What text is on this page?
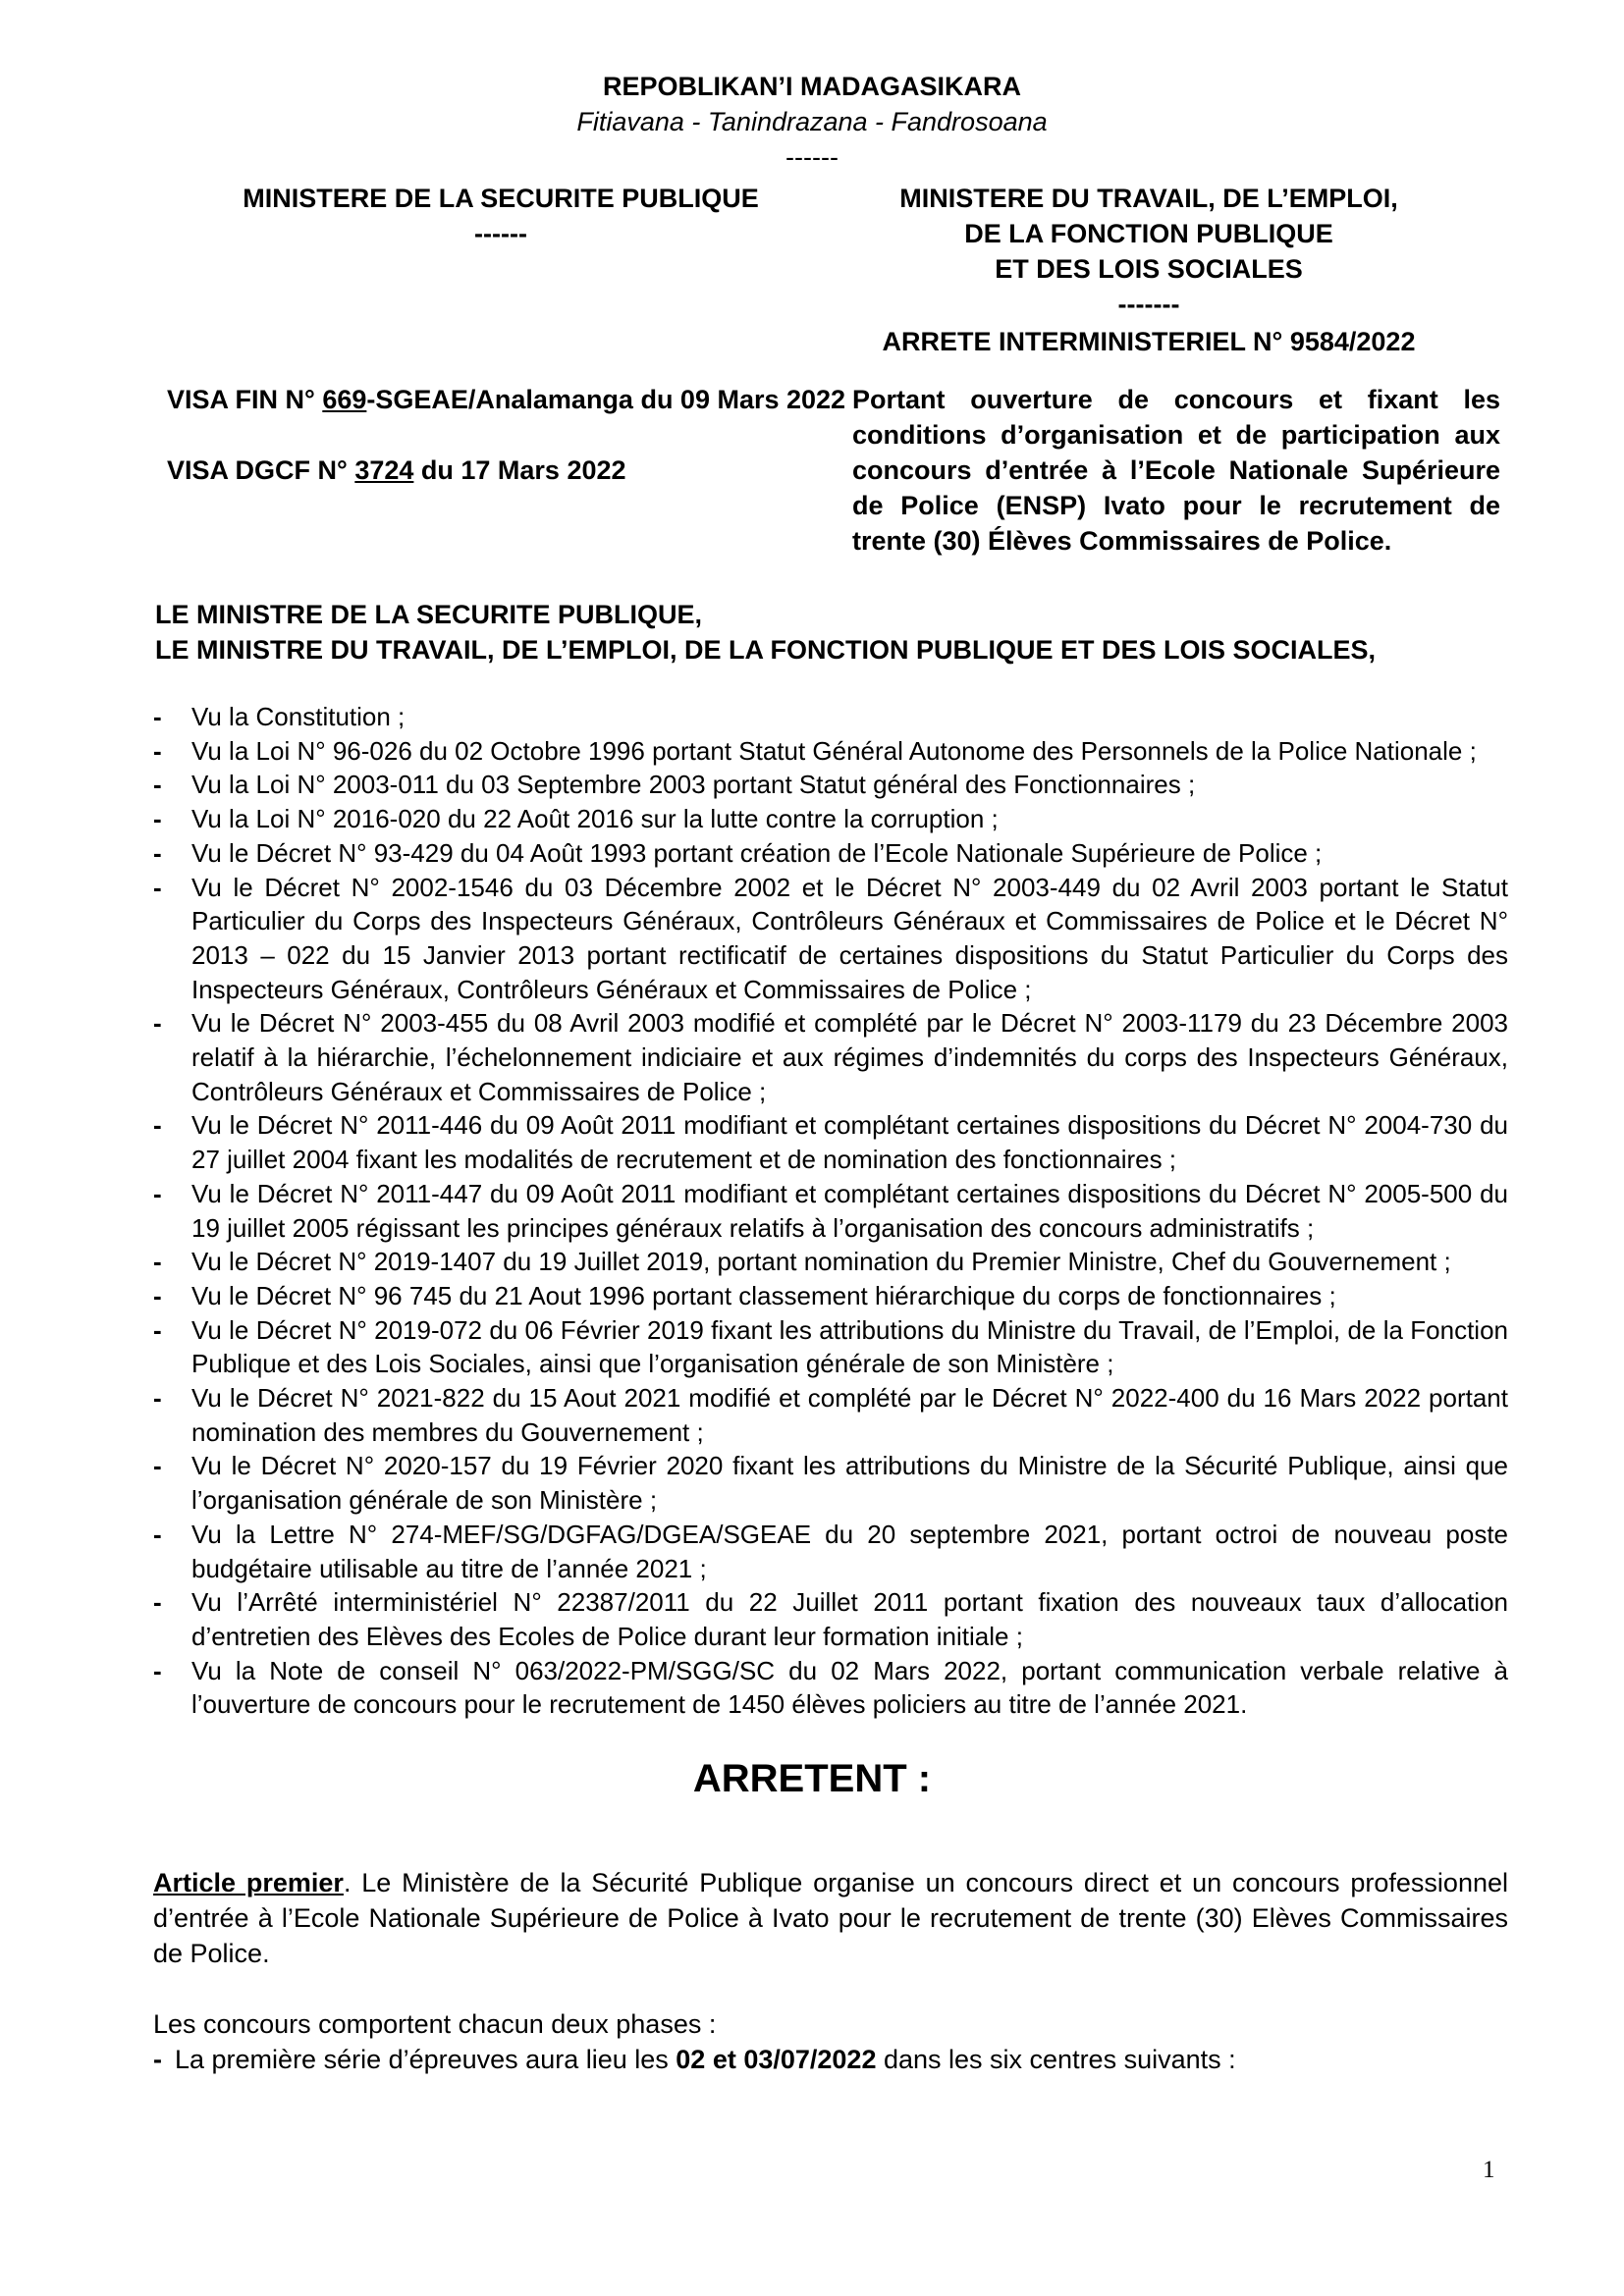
REPOBLIKAN’I MADAGASIKARA
Fitiavana - Tanindrazana - Fandrosoana
------
MINISTERE DE LA SECURITE PUBLIQUE
------
MINISTERE DU TRAVAIL, DE L’EMPLOI,
DE LA FONCTION PUBLIQUE
ET DES LOIS SOCIALES
-------
ARRETE INTERMINISTERIEL N° 9584/2022
VISA FIN N° 669-SGEAE/Analamanga du 09 Mars 2022
VISA DGCF N° 3724 du 17 Mars 2022
Portant ouverture de concours et fixant les conditions d’organisation et de participation aux concours d’entrée à l’Ecole Nationale Supérieure de Police (ENSP) Ivato pour le recrutement de trente (30) Élèves Commissaires de Police.
LE MINISTRE DE LA SECURITE PUBLIQUE,
LE MINISTRE DU TRAVAIL, DE L’EMPLOI, DE LA FONCTION PUBLIQUE ET DES LOIS SOCIALES,
- Vu la Constitution ;
- Vu la Loi N° 96-026 du 02 Octobre 1996 portant Statut Général Autonome des Personnels de la Police Nationale ;
- Vu la Loi N° 2003-011 du 03 Septembre 2003 portant Statut général des Fonctionnaires ;
- Vu la Loi N° 2016-020 du 22 Août 2016 sur la lutte contre la corruption ;
- Vu le Décret N° 93-429 du 04 Août 1993 portant création de l’Ecole Nationale Supérieure de Police ;
- Vu le Décret N° 2002-1546 du 03 Décembre 2002 et le Décret N° 2003-449 du 02 Avril 2003 portant le Statut Particulier du Corps des Inspecteurs Généraux, Contrôleurs Généraux et Commissaires de Police et le Décret N° 2013 – 022 du 15 Janvier 2013 portant rectificatif de certaines dispositions du Statut Particulier du Corps des Inspecteurs Généraux, Contrôleurs Généraux et Commissaires de Police ;
- Vu le Décret N° 2003-455 du 08 Avril 2003 modifié et complété par le Décret N° 2003-1179 du 23 Décembre 2003 relatif à la hiérarchie, l’échelonnement indiciaire et aux régimes d’indemnités du corps des Inspecteurs Généraux, Contrôleurs Généraux et Commissaires de Police ;
- Vu le Décret N° 2011-446 du 09 Août 2011 modifiant et complétant certaines dispositions du Décret N° 2004-730 du 27 juillet 2004 fixant les modalités de recrutement et de nomination des fonctionnaires ;
- Vu le Décret N° 2011-447 du 09 Août 2011 modifiant et complétant certaines dispositions du Décret N° 2005-500 du 19 juillet 2005 régissant les principes généraux relatifs à l’organisation des concours administratifs ;
- Vu le Décret N° 2019-1407 du 19 Juillet 2019, portant nomination du Premier Ministre, Chef du Gouvernement ;
- Vu le Décret N° 96 745 du 21 Aout 1996 portant classement hiérarchique du corps de fonctionnaires ;
- Vu le Décret N° 2019-072 du 06 Février 2019 fixant les attributions du Ministre du Travail, de l’Emploi, de la Fonction Publique et des Lois Sociales, ainsi que l’organisation générale de son Ministère ;
- Vu le Décret N° 2021-822 du 15 Aout 2021 modifié et complété par le Décret N° 2022-400 du 16 Mars 2022 portant nomination des membres du Gouvernement ;
- Vu le Décret N° 2020-157 du 19 Février 2020 fixant les attributions du Ministre de la Sécurité Publique, ainsi que l’organisation générale de son Ministère ;
- Vu la Lettre N° 274-MEF/SG/DGFAG/DGEA/SGEAE du 20 septembre 2021, portant octroi de nouveau poste budgétaire utilisable au titre de l’année 2021 ;
- Vu l’Arrêté interministériel N° 22387/2011 du 22 Juillet 2011 portant fixation des nouveaux taux d’allocation d’entretien des Elèves des Ecoles de Police durant leur formation initiale ;
- Vu la Note de conseil N° 063/2022-PM/SGG/SC du 02 Mars 2022, portant communication verbale relative à l’ouverture de concours pour le recrutement de 1450 élèves policiers au titre de l’année 2021.
ARRETENT :
Article premier. Le Ministère de la Sécurité Publique organise un concours direct et un concours professionnel d’entrée à l’Ecole Nationale Supérieure de Police à Ivato pour le recrutement de trente (30) Elèves Commissaires de Police.
Les concours comportent chacun deux phases :
- La première série d’épreuves aura lieu les 02 et 03/07/2022 dans les six centres suivants :
1
